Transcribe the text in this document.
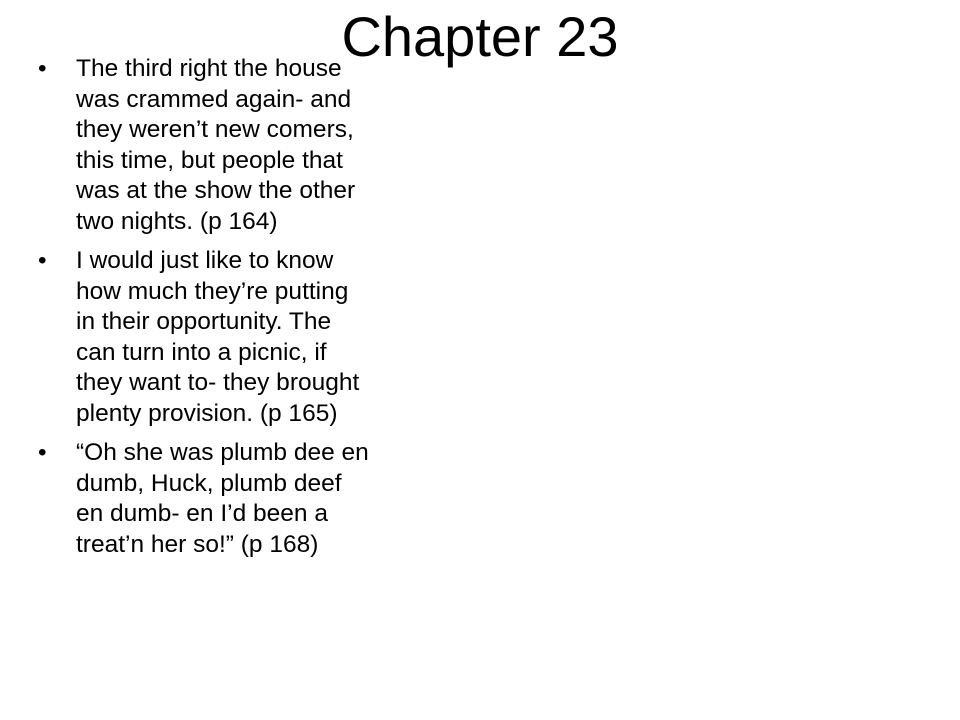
Chapter 23
• The third right the house
was crammed again- and
they weren’t new comers,
this time, but people that
was at the show the other
two nights. (p 164)
• I would just like to know
how much they’re putting
in their opportunity. The
can turn into a picnic, if
they want to- they brought
plenty provision. (p 165)
• “Oh she was plumb dee en
dumb, Huck, plumb deef
en dumb- en I’d been a
treat’n her so!” (p 168)
